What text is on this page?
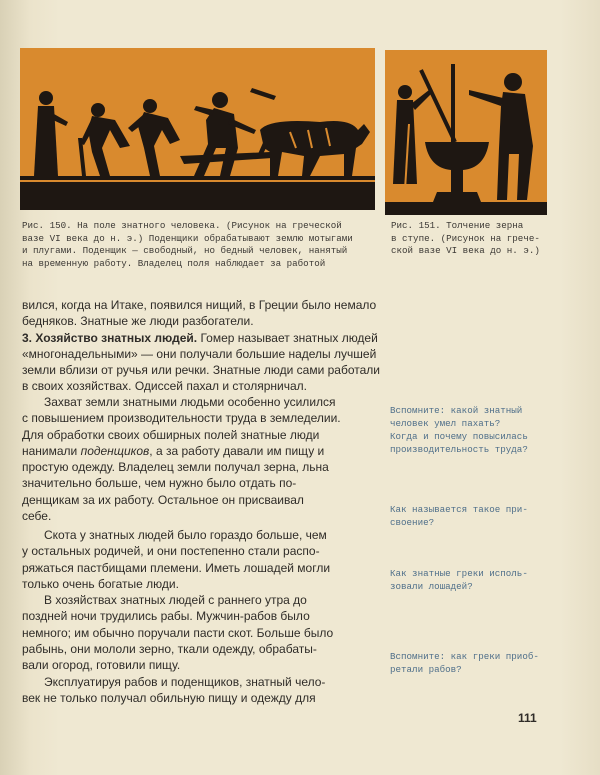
Рис. 150. На поле знатного человека. (Рисунок на греческой
вазе VI века до н. э.) Поденщики обрабатывают землю мотыгами
и плугами. Поденщик — свободный, но бедный человек, нанятый
на временную работу. Владелец поля наблюдает за работой
Рис. 151. Толчение зерна
в ступе. (Рисунок на грече-
ской вазе VI века до н. э.)
вился, когда на Итаке, появился нищий, в Греции было немало
бедняков. Знатные же люди разбогатели.
3. Хозяйство знатных людей. Гомер называет знатных людей
«многонадельными» — они получали большие наделы лучшей
земли вблизи от ручья или речки. Знатные люди сами работали
в своих хозяйствах. Одиссей пахал и столярничал.
Захват земли знатными людьми особенно усилился
с повышением производительности труда в земледелии.
Для обработки своих обширных полей знатные люди
нанимали поденщиков, а за работу давали им пищу и
простую одежду. Владелец земли получал зерна, льна
значительно больше, чем нужно было отдать по-
денщикам за их работу. Остальное он присваивал
себе.
Скота у знатных людей было гораздо больше, чем
у остальных родичей, и они постепенно стали распо-
ряжаться пастбищами племени. Иметь лошадей могли
только очень богатые люди.
В хозяйствах знатных людей с раннего утра до
поздней ночи трудились рабы. Мужчин-рабов было
немного; им обычно поручали пасти скот. Больше было
рабынь, они мололи зерно, ткали одежду, обрабаты-
вали огород, готовили пищу.
Эксплуатируя рабов и поденщиков, знатный чело-
век не только получал обильную пищу и одежду для
Вспомните: какой знатный
человек умел пахать?
Когда и почему повысилась
производительность труда?
Как называется такое при-
своение?
Как знатные греки исполь-
зовали лошадей?
Вспомните: как греки приоб-
ретали рабов?
111
